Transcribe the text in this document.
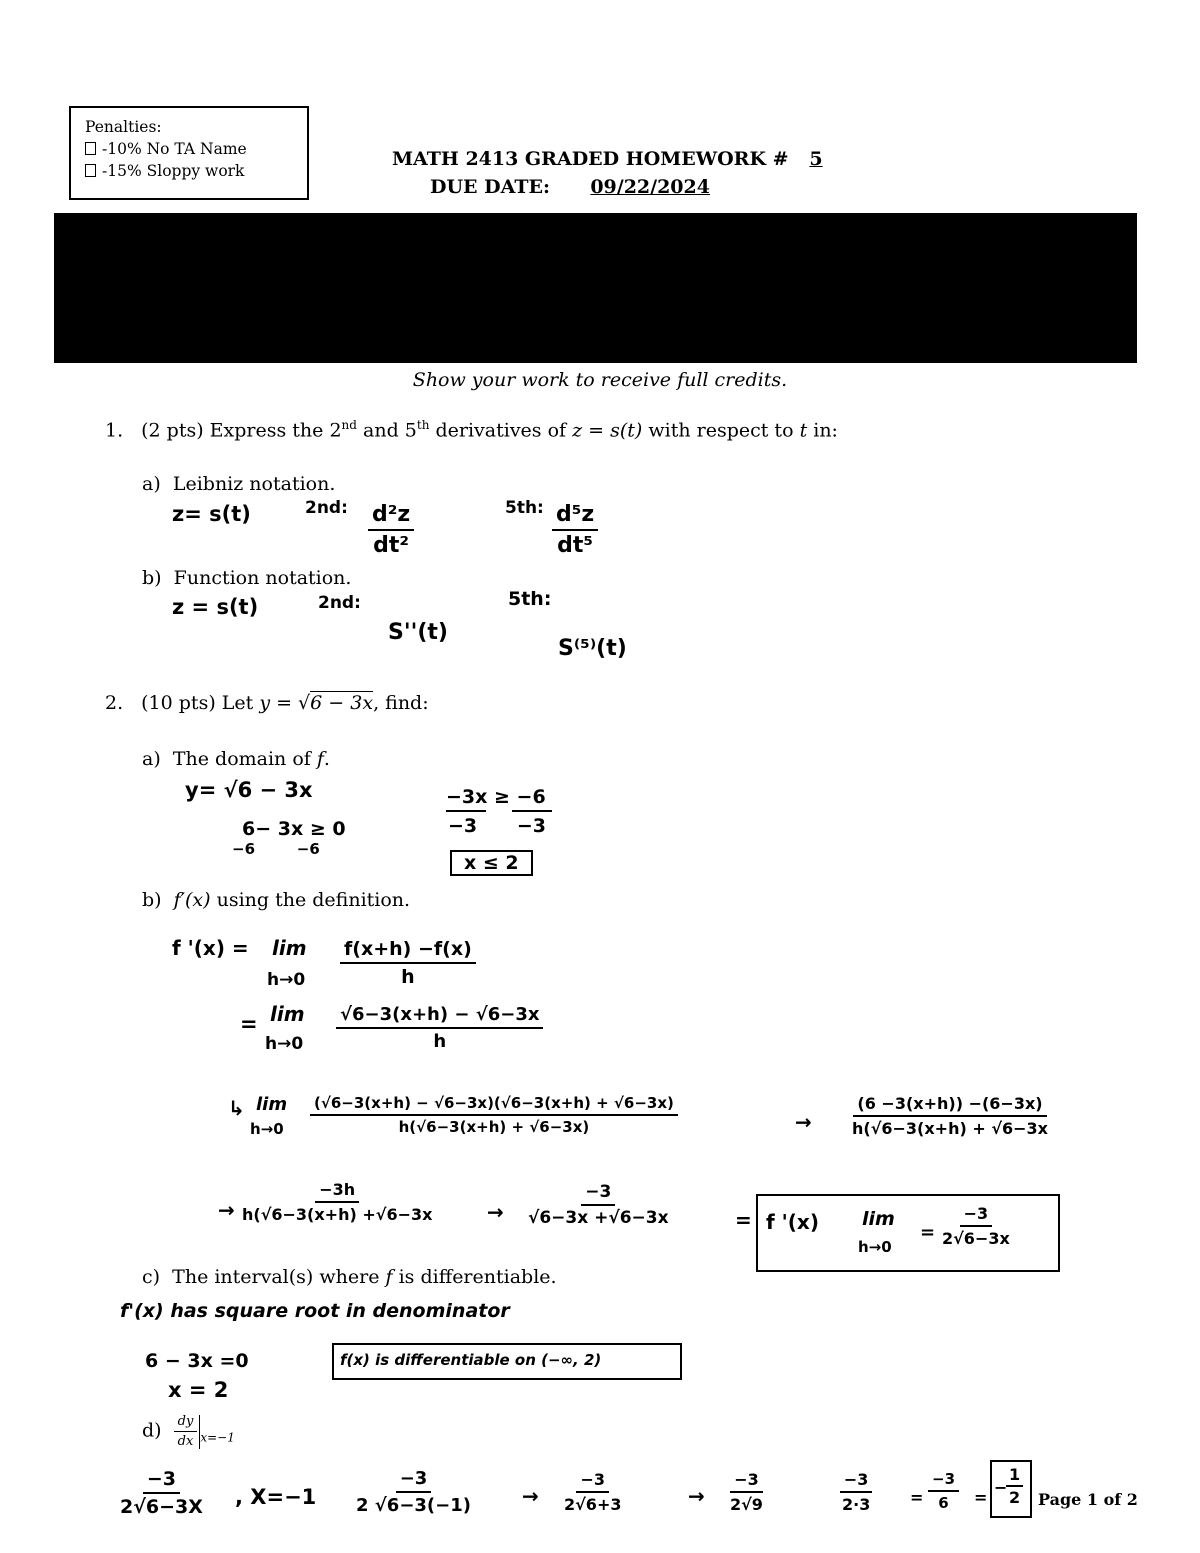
Penalties:
-10% No TA Name
-15% Sloppy work
MATH 2413 GRADED HOMEWORK # 5
DUE DATE: 09/22/2024
Show your work to receive full credits.
1. (2 pts) Express the 2nd and 5th derivatives of z = s(t) with respect to t in:
a) Leibniz notation.
z= s(t)	2nd: $\frac{\text{d²z}}{\text{dt²}}$	5th: $\frac{\text{d⁵z}}{\text{dt⁵}}$
b) Function notation.
z = s(t)	2nd:
S''(t)
5th:
S⁽⁵⁾(t)
2. (10 pts) Let y = √6 − 3x, find:
a) The domain of f.
y= √6 − 3x
6− 3x ≥ 0
−6        −6
−3x ≥ −6
−3      −3
x ≤ 2
b) f′(x) using the definition.
f '(x) = lim
$h\to 0 \frac{f(x+h) -f(x)}{h}$
= lim
$h\to 0 \frac{√6-3(x+h) - √6-3x}{h}$
↳ lim
$h\to 0 \frac{(√6-3(x+h) - √6-3x)(√6-3(x+h) + √6-3x)}{h(√6-3(x+h) + √6-3x)}$	→ $\frac{(6 -3(x+h)) -(6-3x)}{h(√6-3(x+h) + √6-3x}$
→ $\frac{-3h}{h(√6-3(x+h) +√6-3x}$	→ $\frac{-3}{√6-3x +√6-3x}$	= f '(x) lim
h→0
= $\frac{-3}{2√6-3x}$
c) The interval(s) where f is differentiable.
f'(x) has square root in denominator
6 − 3x =0
x = 2
f(x) is differentiable on (−∞, 2)
$d) \frac{dy}{dx} _{x=-1}$
$\frac{-3}{2√6-3X}$ , $X=-1 \frac{-3}{2 √6-3(-1)} \to \frac{-3}{2√6+3}$	→ $\frac{-3}{2√9}$	$\frac{-3}{2\cdot 3} = \frac{-3}{6}$ =
−
$\frac{1}{2}$ Page 1 of 2
